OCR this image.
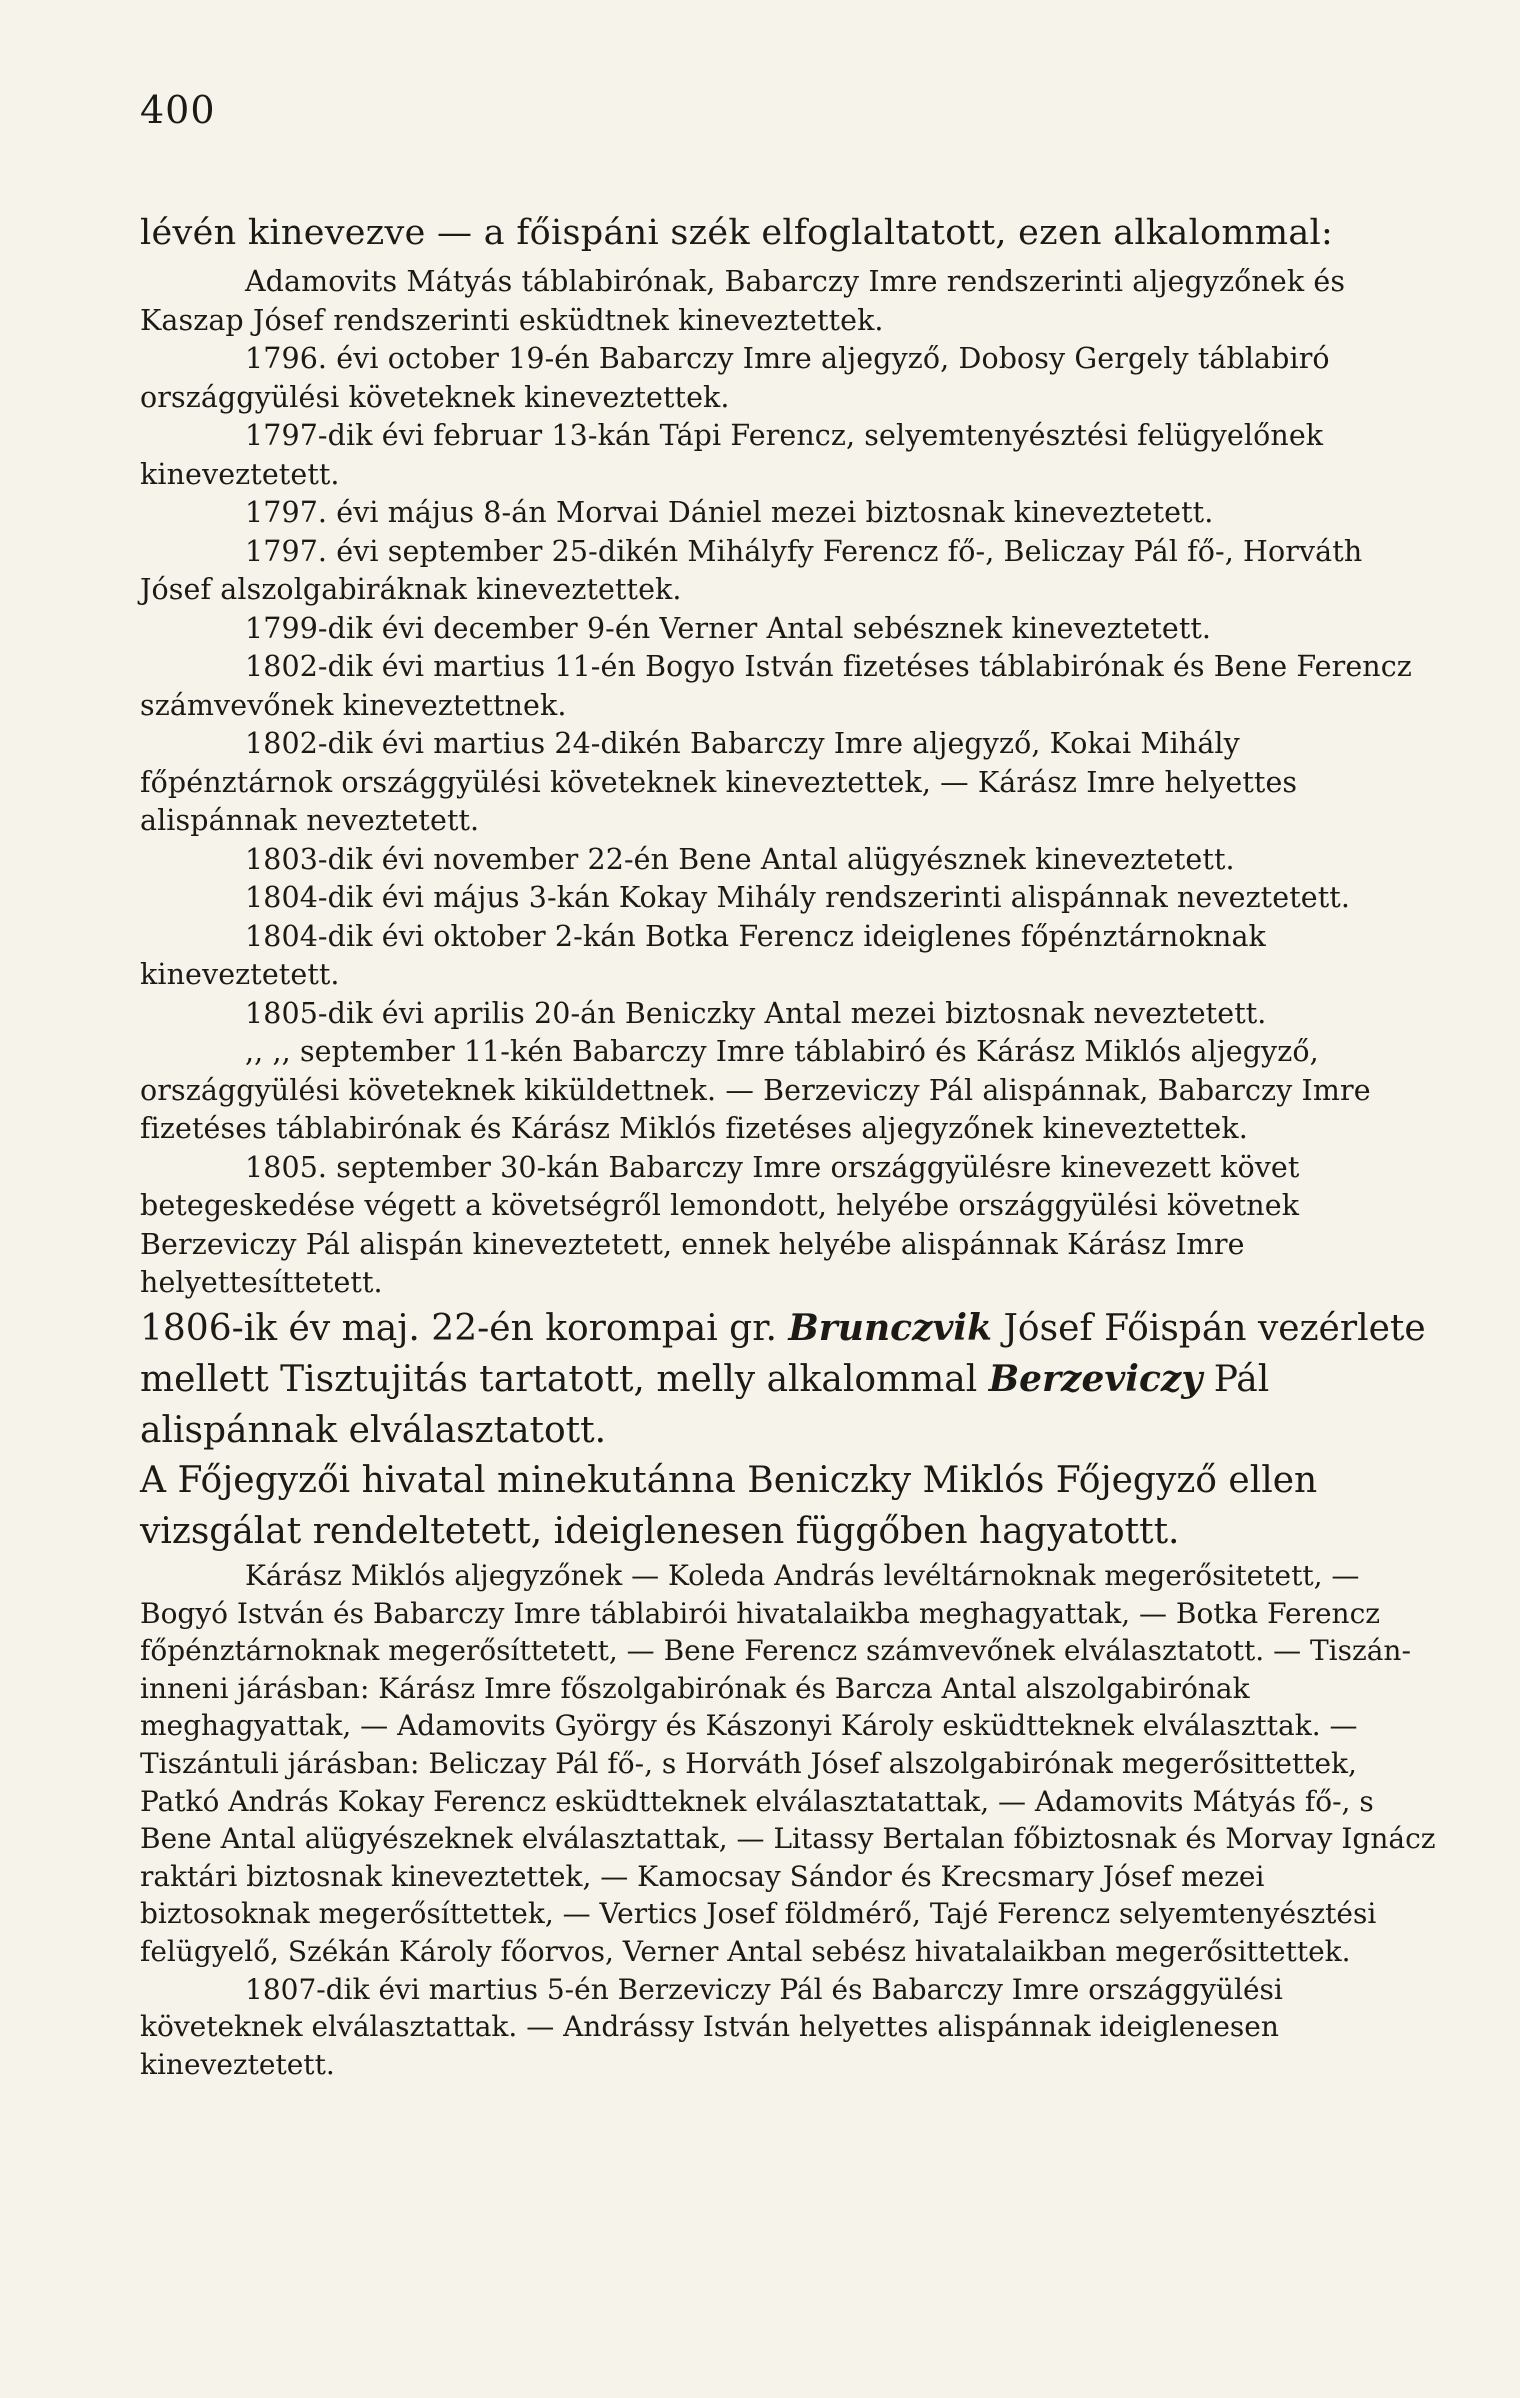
400

lévén kinevezve — a főispáni szék elfoglaltatott, ezen alkalommal:

Adamovits Mátyás táblabirónak, Babarczy Imre rendszerinti aljegyzőnek és Kaszap Jósef rendszerinti esküdtnek kineveztettek.

1796. évi october 19-én Babarczy Imre aljegyző, Dobosy Gergely táblabiró országgyülési követeknek kineveztettek.

1797-dik évi februar 13-kán Tápi Ferencz, selyemtenyésztési felügyelőnek kineveztetett.

1797. évi május 8-án Morvai Dániel mezei biztosnak kineveztetett.

1797. évi september 25-dikén Mihályfy Ferencz fő-, Beliczay Pál fő-, Horváth Jósef alszolgabiráknak kineveztettek.

1799-dik évi december 9-én Verner Antal sebésznek kineveztetett.

1802-dik évi martius 11-én Bogyo István fizetéses táblabirónak és Bene Ferencz számvevőnek kineveztettnek.

1802-dik évi martius 24-dikén Babarczy Imre aljegyző, Kokai Mihály főpénztárnok országgyülési követeknek kineveztettek, — Kárász Imre helyettes alispánnak neveztetett.

1803-dik évi november 22-én Bene Antal alügyésznek kineveztetett.

1804-dik évi május 3-kán Kokay Mihály rendszerinti alispánnak neveztetett.

1804-dik évi oktober 2-kán Botka Ferencz ideiglenes főpénztárnoknak kineveztetett.

1805-dik évi aprilis 20-án Beniczky Antal mezei biztosnak neveztetett.

,, ,, september 11-kén Babarczy Imre táblabiró és Kárász Miklós aljegyző, országgyülési követeknek kiküldettnek. — Berzeviczy Pál alispánnak, Babarczy Imre fizetéses táblabirónak és Kárász Miklós fizetéses aljegyzőnek kineveztettek.

1805. september 30-kán Babarczy Imre országgyülésre kinevezett követ betegeskedése végett a követségről lemondott, helyébe országgyülési követnek Berzeviczy Pál alispán kineveztetett, ennek helyébe alispánnak Kárász Imre helyettesíttetett.

1806-ik év maj. 22-én korompai gr. Brunczvik Jósef Főispán vezérlete mellett Tisztujitás tartatott, melly alkalommal Berzeviczy Pál alispánnak elválasztatott.

A Főjegyzői hivatal minekutánna Beniczky Miklós Főjegyző ellen vizsgálat rendeltetett, ideiglenesen függőben hagyatottt.

Kárász Miklós aljegyzőnek — Koleda András levéltárnoknak megerősitetett, — Bogyó István és Babarczy Imre táblabirói hivatalaikba meghagyattak, — Botka Ferencz főpénztárnoknak megerősíttetett, — Bene Ferencz számvevőnek elválasztatott. — Tiszán-inneni járásban: Kárász Imre főszolgabirónak és Barcza Antal alszolgabirónak meghagyattak, — Adamovits György és Kászonyi Károly esküdtteknek elválaszttak. — Tiszántuli járásban: Beliczay Pál fő-, s Horváth Jósef alszolgabirónak megerősittettek, Patkó András Kokay Ferencz esküdtteknek elválasztatattak, — Adamovits Mátyás fő-, s Bene Antal alügyészeknek elválasztattak, — Litassy Bertalan főbiztosnak és Morvay Ignácz raktári biztosnak kineveztettek, — Kamocsay Sándor és Krecsmary Jósef mezei biztosoknak megerősíttettek, — Vertics Josef földmérő, Tajé Ferencz selyemtenyésztési felügyelő, Székán Károly főorvos, Verner Antal sebész hivatalaikban megerősittettek.

1807-dik évi martius 5-én Berzeviczy Pál és Babarczy Imre országgyülési követeknek elválasztattak. — Andrássy István helyettes alispánnak ideiglenesen kineveztetett.
